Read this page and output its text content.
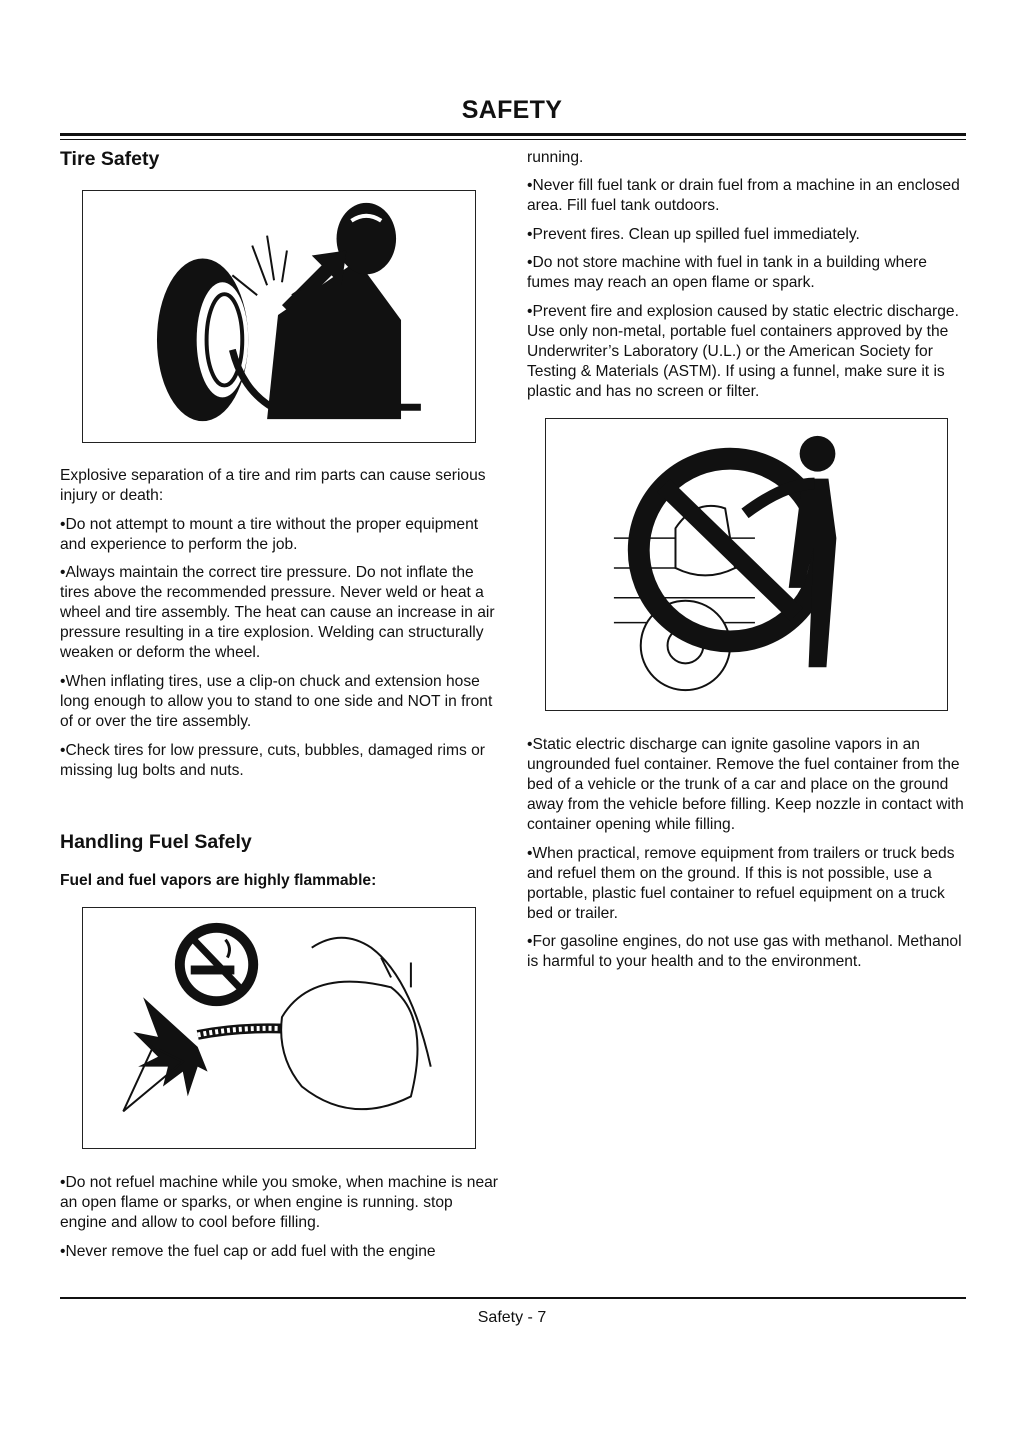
SAFETY
Tire Safety

Explosive separation of a tire and rim parts can cause serious injury or death:

•Do not attempt to mount a tire without the proper equipment and experience to perform the job.

•Always maintain the correct tire pressure. Do not inflate the tires above the recommended pressure. Never weld or heat a wheel and tire assembly. The heat can cause an increase in air pressure resulting in a tire explosion. Welding can structurally weaken or deform the wheel.

•When inflating tires, use a clip-on chuck and extension hose long enough to allow you to stand to one side and NOT in front of or over the tire assembly.

•Check tires for low pressure, cuts, bubbles, damaged rims or missing lug bolts and nuts.

Handling Fuel Safely
Fuel and fuel vapors are highly flammable:

•Do not refuel machine while you smoke, when machine is near an open flame or sparks, or when engine is running. stop engine and allow to cool before filling.

•Never remove the fuel cap or add fuel with the engine

running.

•Never fill fuel tank or drain fuel from a machine in an enclosed area. Fill fuel tank outdoors.

•Prevent fires. Clean up spilled fuel immediately.

•Do not store machine with fuel in tank in a building where fumes may reach an open flame or spark.

•Prevent fire and explosion caused by static electric discharge. Use only non-metal, portable fuel containers approved by the Underwriter’s Laboratory (U.L.) or the American Society for Testing & Materials (ASTM). If using a funnel, make sure it is plastic and has no screen or filter.

•Static electric discharge can ignite gasoline vapors in an ungrounded fuel container. Remove the fuel container from the bed of a vehicle or the trunk of a car and place on the ground away from the vehicle before filling. Keep nozzle in contact with container opening while filling.

•When practical, remove equipment from trailers or truck beds and refuel them on the ground. If this is not possible, use a portable, plastic fuel container to refuel equipment on a truck bed or trailer.

•For gasoline engines, do not use gas with methanol. Methanol is harmful to your health and to the environment.

Safety - 7
